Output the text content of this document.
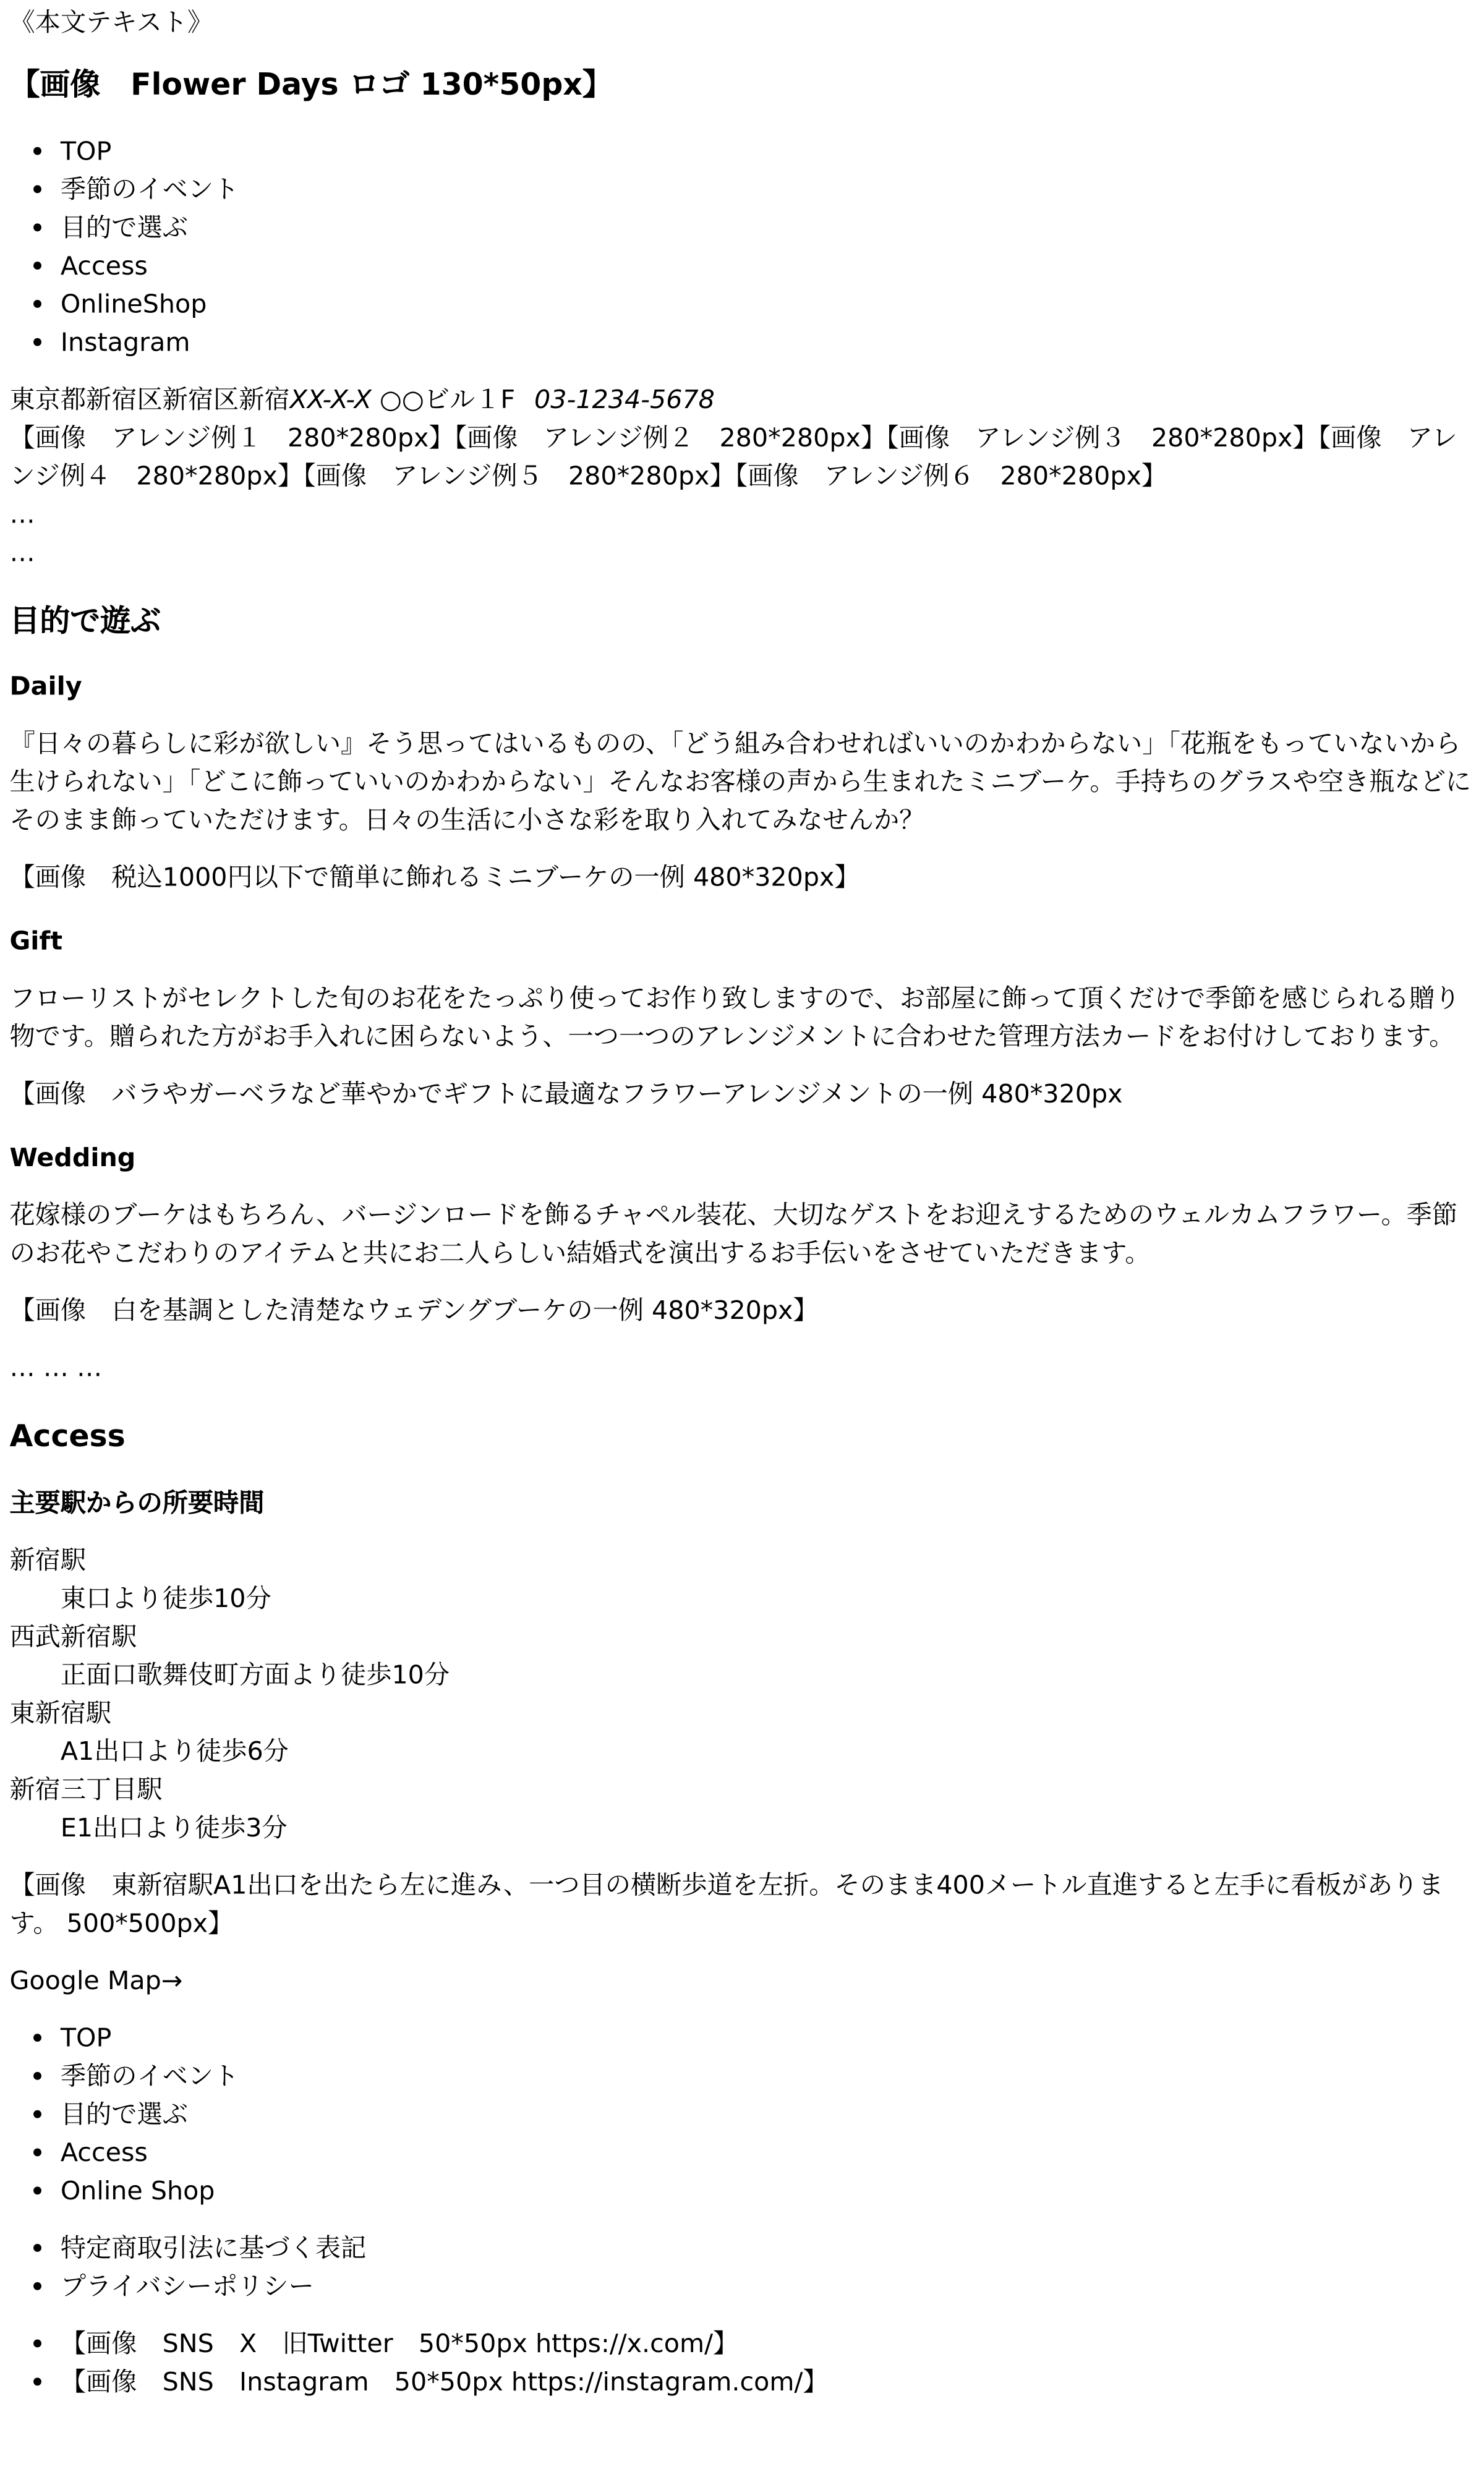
《本文テキスト》

【画像　Flower Days ロゴ 130*50px】
• TOP
• 季節のイベント
• 目的で選ぶ
• Access
• OnlineShop
• Instagram
東京都新宿区新宿区新宿XX-X-X ○○ビル１F 03-1234-5678
【画像　アレンジ例１　280*280px】【画像　アレンジ例２　280*280px】【画像　アレンジ例３　280*280px】【画像　アレンジ例４　280*280px】【画像　アレンジ例５　280*280px】【画像　アレンジ例６　280*280px】
…
…
目的で遊ぶ
Daily

『日々の暮らしに彩が欲しい』そう思ってはいるものの、「どう組み合わせればいいのかわからない」「花瓶をもっていないから生けられない」「どこに飾っていいのかわからない」そんなお客様の声から生まれたミニブーケ。手持ちのグラスや空き瓶などにそのまま飾っていただけます。日々の生活に小さな彩を取り入れてみなせんか？

【画像　税込1000円以下で簡単に飾れるミニブーケの一例 480*320px】

Gift

フローリストがセレクトした旬のお花をたっぷり使ってお作り致しますので、お部屋に飾って頂くだけで季節を感じられる贈り物です。贈られた方がお手入れに困らないよう、一つ一つのアレンジメントに合わせた管理方法カードをお付けしております。

【画像　バラやガーベラなど華やかでギフトに最適なフラワーアレンジメントの一例 480*320px

Wedding

花嫁様のブーケはもちろん、バージンロードを飾るチャペル装花、大切なゲストをお迎えするためのウェルカムフラワー。季節のお花やこだわりのアイテムと共にお二人らしい結婚式を演出するお手伝いをさせていただきます。

【画像　白を基調とした清楚なウェデングブーケの一例 480*320px】

… … …

Access
主要駅からの所要時間
新宿駅
東口より徒歩10分
西武新宿駅
正面口歌舞伎町方面より徒歩10分
東新宿駅
A1出口より徒歩6分
新宿三丁目駅
E1出口より徒歩3分

【画像　東新宿駅A1出口を出たら左に進み、一つ目の横断歩道を左折。そのまま400メートル直進すると左手に看板があります。 500*500px】

Google Map→

• TOP
• 季節のイベント
• 目的で選ぶ
• Access
• Online Shop
• 特定商取引法に基づく表記
• プライバシーポリシー
• 【画像　SNS　X　旧Twitter　50*50px https://x.com/】
• 【画像　SNS　Instagram　50*50px https://instagram.com/】
